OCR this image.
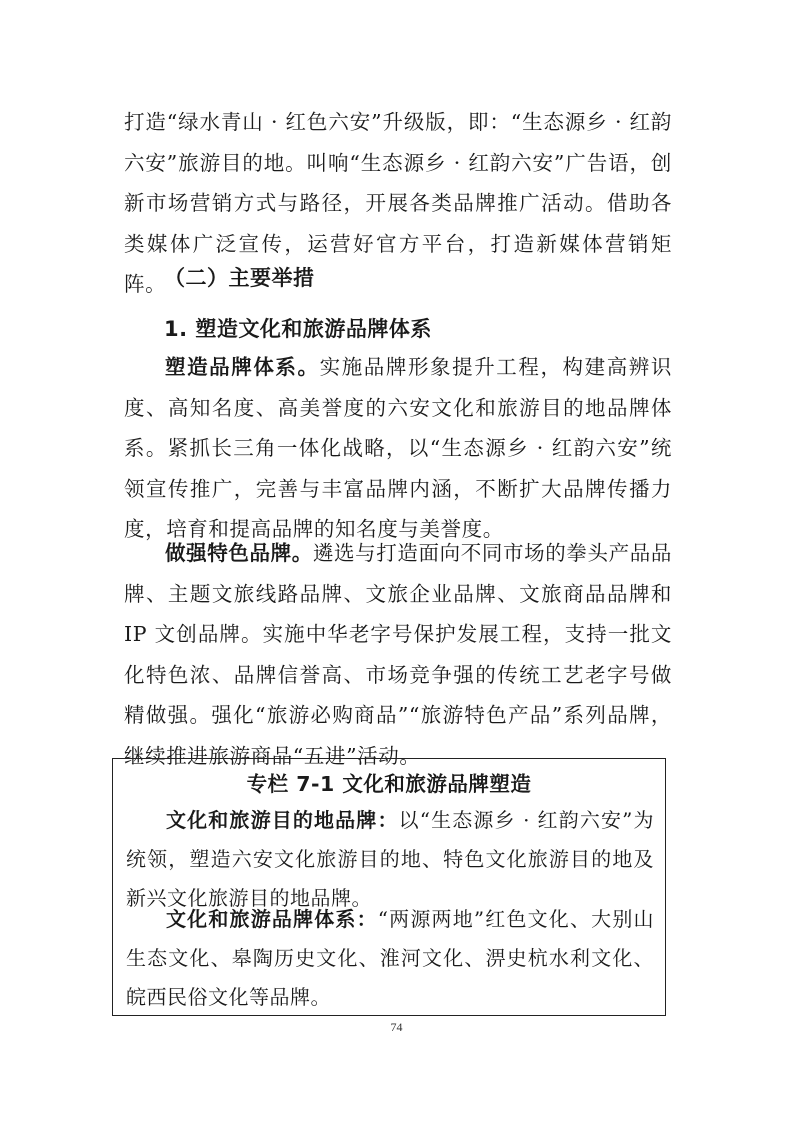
打造“绿水青山 · 红色六安”升级版，即：“生态源乡 · 红韵六安”旅游目的地。叫响“生态源乡 · 红韵六安”广告语，创新市场营销方式与路径，开展各类品牌推广活动。借助各类媒体广泛宣传，运营好官方平台，打造新媒体营销矩阵。

（二）主要举措

1. 塑造文化和旅游品牌体系

塑造品牌体系。实施品牌形象提升工程，构建高辨识度、高知名度、高美誉度的六安文化和旅游目的地品牌体系。紧抓长三角一体化战略，以“生态源乡 · 红韵六安”统领宣传推广，完善与丰富品牌内涵，不断扩大品牌传播力度，培育和提高品牌的知名度与美誉度。

做强特色品牌。遴选与打造面向不同市场的拳头产品品牌、主题文旅线路品牌、文旅企业品牌、文旅商品品牌和 IP 文创品牌。实施中华老字号保护发展工程，支持一批文化特色浓、品牌信誉高、市场竞争强的传统工艺老字号做精做强。强化“旅游必购商品”“旅游特色产品”系列品牌，继续推进旅游商品“五进”活动。

专栏 7-1 文化和旅游品牌塑造

文化和旅游目的地品牌：以“生态源乡 · 红韵六安”为统领，塑造六安文化旅游目的地、特色文化旅游目的地及新兴文化旅游目的地品牌。

文化和旅游品牌体系：“两源两地”红色文化、大别山生态文化、皋陶历史文化、淮河文化、淠史杭水利文化、皖西民俗文化等品牌。

74
